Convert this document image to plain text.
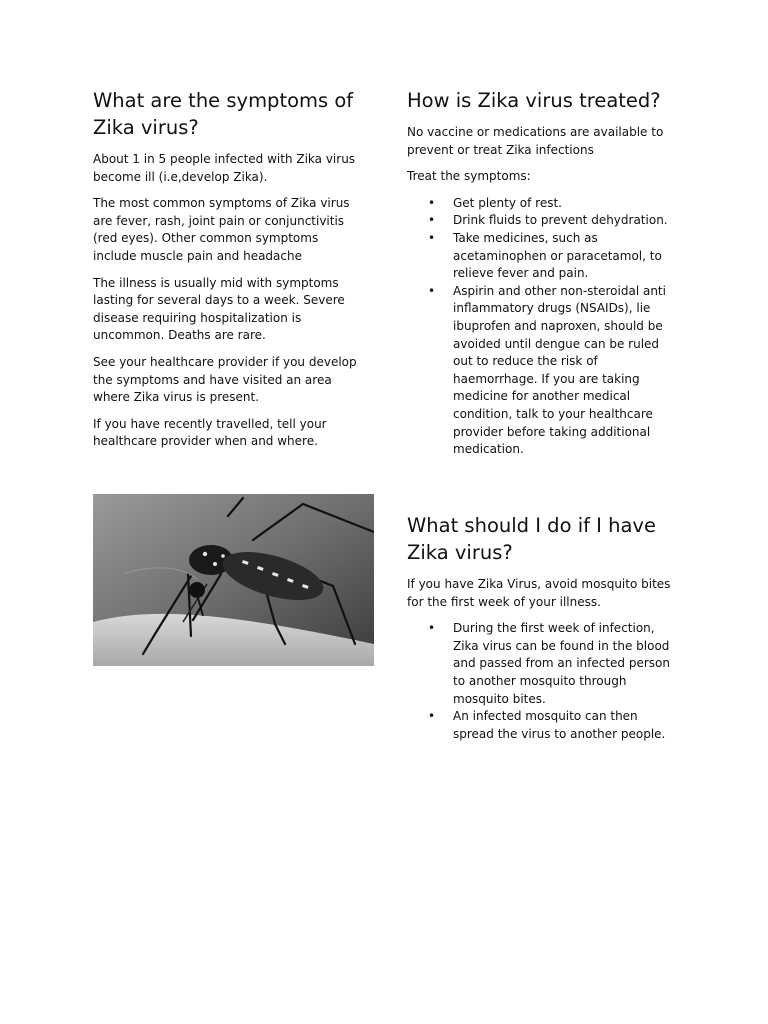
What are the symptoms of
Zika virus?

About 1 in 5 people infected with Zika virus become ill (i.e,develop Zika).

The most common symptoms of Zika virus are fever, rash, joint pain or conjunctivitis (red eyes). Other common symptoms include muscle pain and headache

The illness is usually mid with symptoms lasting for several days to a week. Severe disease requiring hospitalization is uncommon. Deaths are rare.

See your healthcare provider if you develop the symptoms and have visited an area where Zika virus is present.

If you have recently travelled, tell your healthcare provider when and where.

How is Zika virus treated?

No vaccine or medications are available to prevent or treat Zika infections

Treat the symptoms:

• Get plenty of rest.
• Drink fluids to prevent dehydration.
• Take medicines, such as acetaminophen or paracetamol, to relieve fever and pain.
• Aspirin and other non-steroidal anti inflammatory drugs (NSAIDs), lie ibuprofen and naproxen, should be avoided until dengue can be ruled out to reduce the risk of haemorrhage. If you are taking medicine for another medical condition, talk to your healthcare provider before taking additional medication.
What should I do if I have
Zika virus?

If you have Zika Virus, avoid mosquito bites for the first week of your illness.

• During the first week of infection, Zika virus can be found in the blood and passed from an infected person to another mosquito through mosquito bites.
• An infected mosquito can then spread the virus to another people.
